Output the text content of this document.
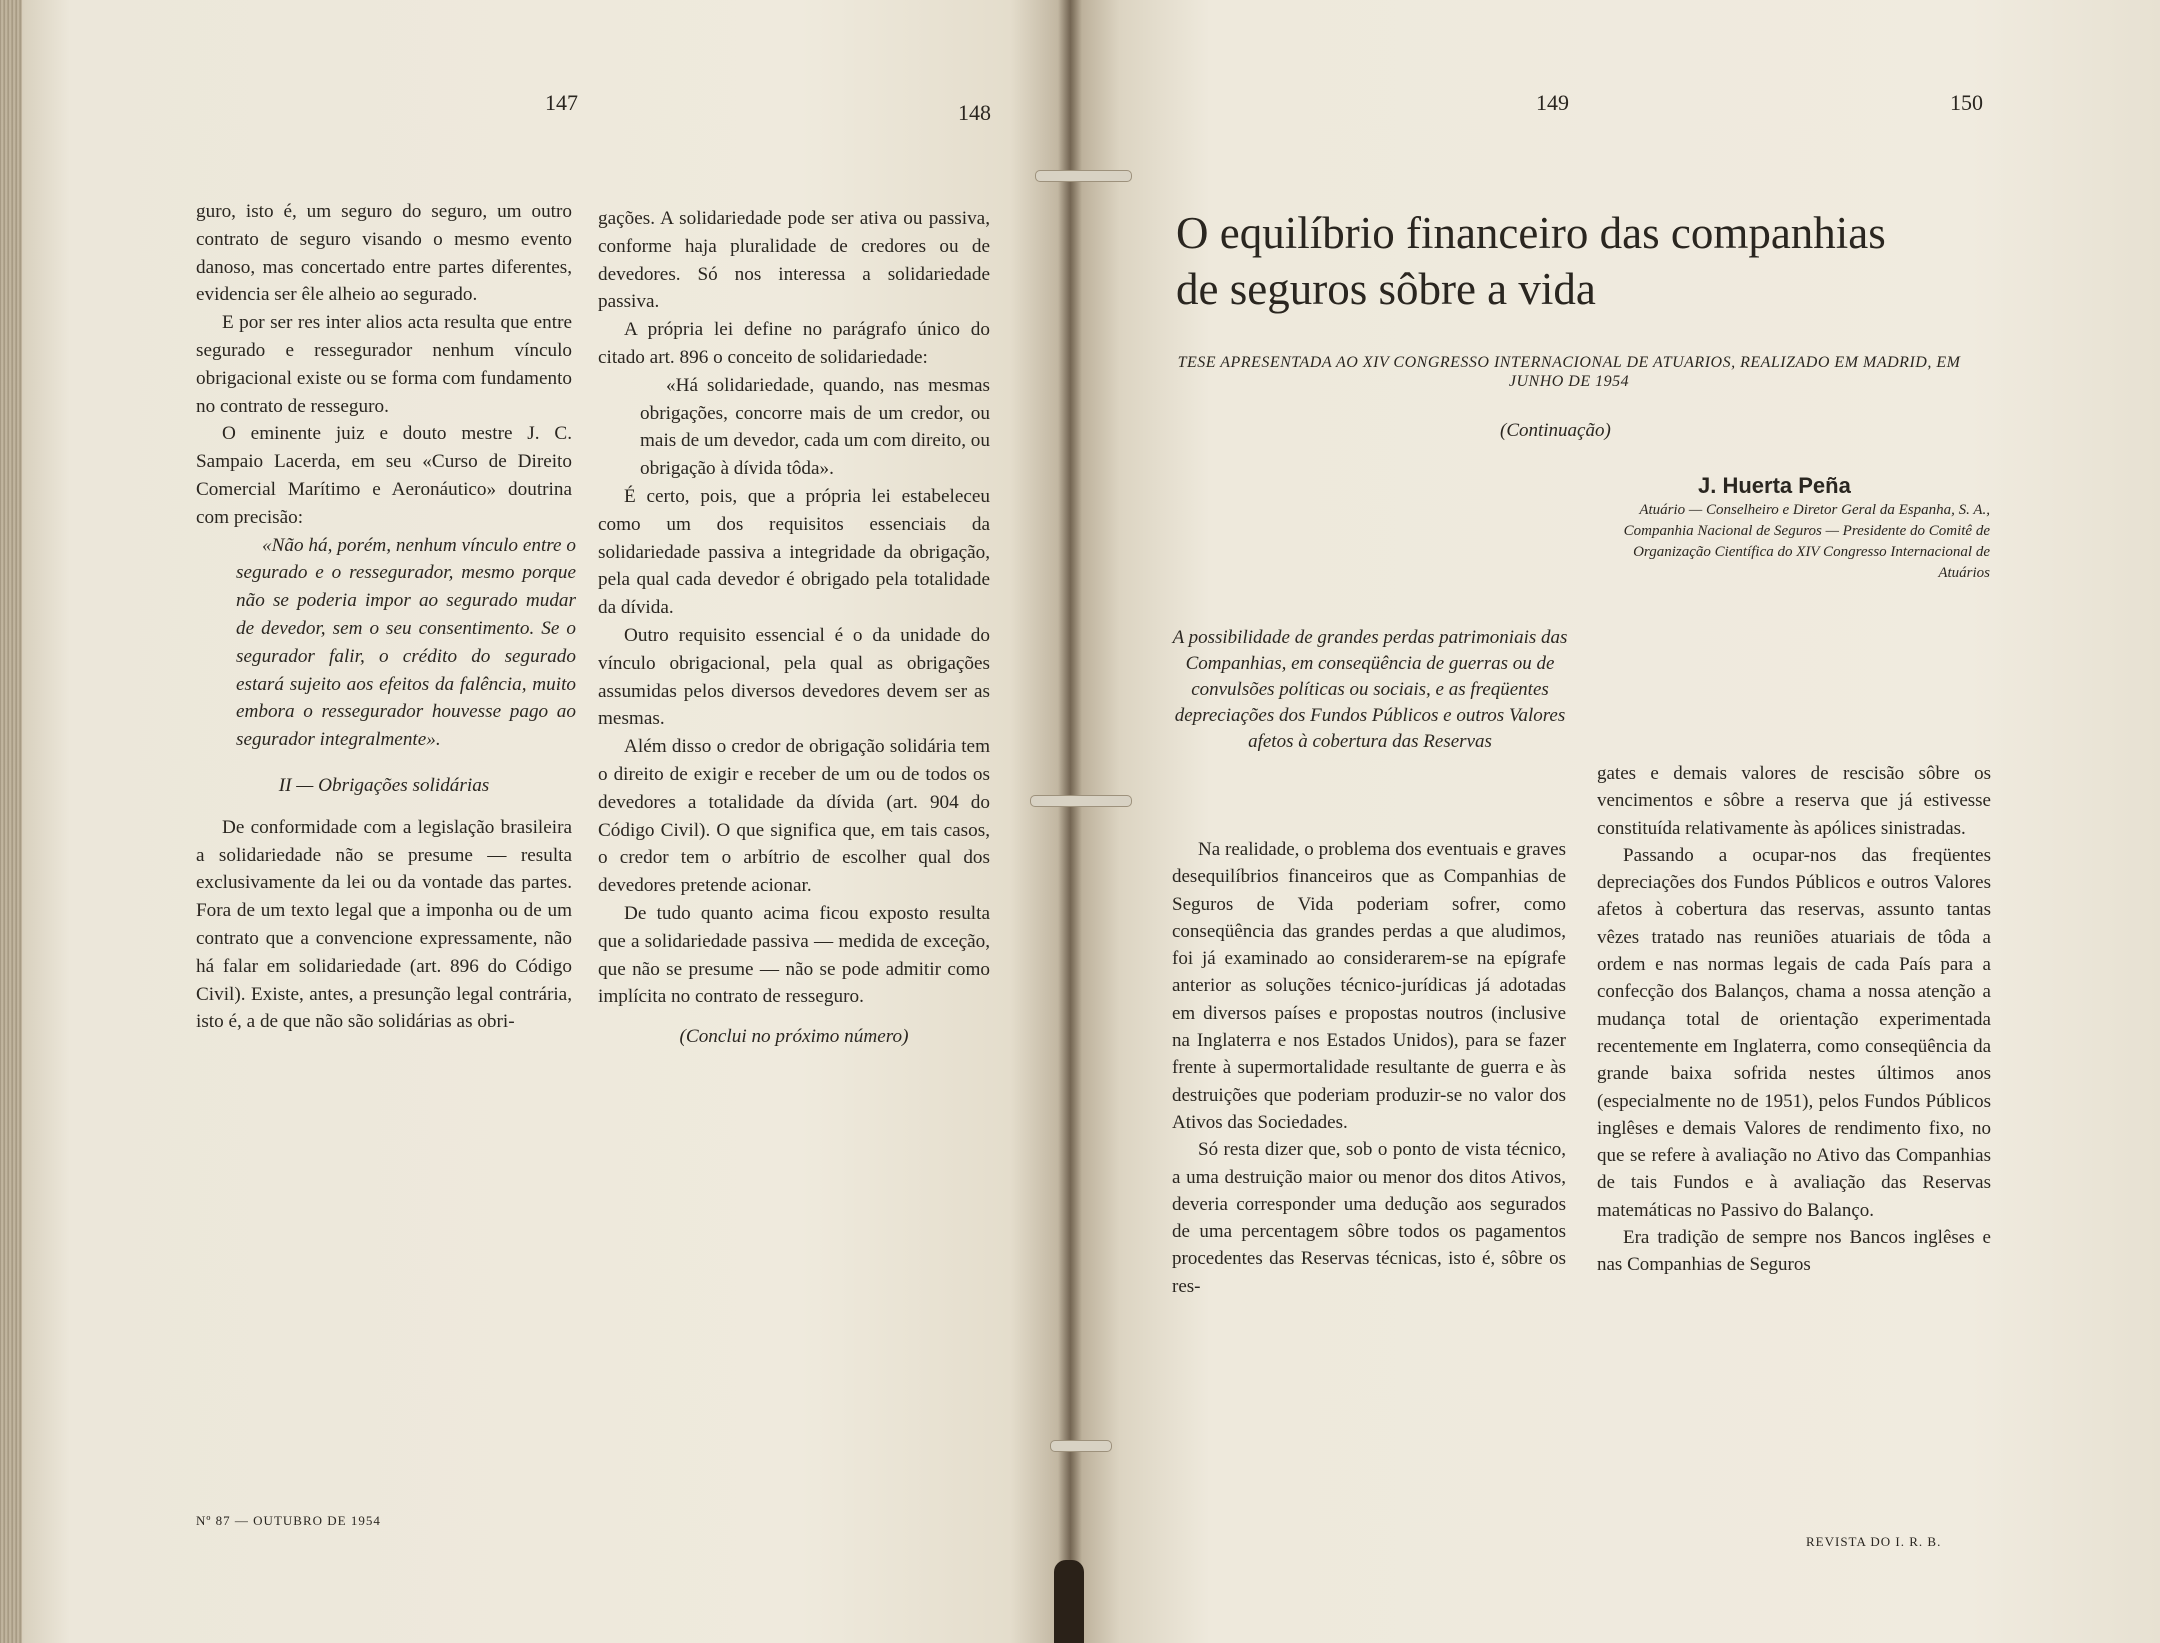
147	148	149	150

guro, isto é, um seguro do seguro, um outro contrato de seguro visando o mesmo evento danoso, mas concertado entre partes diferentes, evidencia ser êle alheio ao segurado.

E por ser res inter alios acta resulta que entre segurado e ressegurador nenhum vínculo obrigacional existe ou se forma com fundamento no contrato de resseguro.

O eminente juiz e douto mestre J. C. Sampaio Lacerda, em seu «Curso de Direito Comercial Marítimo e Aeronáutico» doutrina com precisão:

«Não há, porém, nenhum vínculo entre o segurado e o ressegurador, mesmo porque não se poderia impor ao segurado mudar de devedor, sem o seu consentimento. Se o segurador falir, o crédito do segurado estará sujeito aos efeitos da falência, muito embora o ressegurador houvesse pago ao segurador integralmente».

II — Obrigações solidárias

De conformidade com a legislação brasileira a solidariedade não se presume — resulta exclusivamente da lei ou da vontade das partes. Fora de um texto legal que a imponha ou de um contrato que a convencione expressamente, não há falar em solidariedade (art. 896 do Código Civil). Existe, antes, a presunção legal contrária, isto é, a de que não são solidárias as obri-

Nº 87 — OUTUBRO DE 1954

gações. A solidariedade pode ser ativa ou passiva, conforme haja pluralidade de credores ou de devedores. Só nos interessa a solidariedade passiva.

A própria lei define no parágrafo único do citado art. 896 o conceito de solidariedade:

«Há solidariedade, quando, nas mesmas obrigações, concorre mais de um credor, ou mais de um devedor, cada um com direito, ou obrigação à dívida tôda».

É certo, pois, que a própria lei estabeleceu como um dos requisitos essenciais da solidariedade passiva a integridade da obrigação, pela qual cada devedor é obrigado pela totalidade da dívida.

Outro requisito essencial é o da unidade do vínculo obrigacional, pela qual as obrigações assumidas pelos diversos devedores devem ser as mesmas.

Além disso o credor de obrigação solidária tem o direito de exigir e receber de um ou de todos os devedores a totalidade da dívida (art. 904 do Código Civil). O que significa que, em tais casos, o credor tem o arbítrio de escolher qual dos devedores pretende acionar.

De tudo quanto acima ficou exposto resulta que a solidariedade passiva — medida de exceção, que não se presume — não se pode admitir como implícita no contrato de resseguro.

(Conclui no próximo número)

O equilíbrio financeiro das companhias de seguros sôbre a vida
TESE APRESENTADA AO XIV CONGRESSO INTERNACIONAL DE ATUARIOS, REALIZADO EM MADRID, EM JUNHO DE 1954
(Continuação)
J. Huerta Peña
Atuário — Conselheiro e Diretor Geral da Espanha, S. A., Companhia Nacional de Seguros — Presidente do Comitê de Organização Científica do XIV Congresso Internacional de Atuários
A possibilidade de grandes perdas patrimoniais das Companhias, em conseqüência de guerras ou de convulsões políticas ou sociais, e as freqüentes depreciações dos Fundos Públicos e outros Valores afetos à cobertura das Reservas

Na realidade, o problema dos eventuais e graves desequilíbrios financeiros que as Companhias de Seguros de Vida poderiam sofrer, como conseqüência das grandes perdas a que aludimos, foi já examinado ao considerarem-se na epígrafe anterior as soluções técnico-jurídicas já adotadas em diversos países e propostas noutros (inclusive na Inglaterra e nos Estados Unidos), para se fazer frente à supermortalidade resultante de guerra e às destruições que poderiam produzir-se no valor dos Ativos das Sociedades.

Só resta dizer que, sob o ponto de vista técnico, a uma destruição maior ou menor dos ditos Ativos, deveria corresponder uma dedução aos segurados de uma percentagem sôbre todos os pagamentos procedentes das Reservas técnicas, isto é, sôbre os res-

gates e demais valores de rescisão sôbre os vencimentos e sôbre a reserva que já estivesse constituída relativamente às apólices sinistradas.

Passando a ocupar-nos das freqüentes depreciações dos Fundos Públicos e outros Valores afetos à cobertura das reservas, assunto tantas vêzes tratado nas reuniões atuariais de tôda a ordem e nas normas legais de cada País para a confecção dos Balanços, chama a nossa atenção a mudança total de orientação experimentada recentemente em Inglaterra, como conseqüência da grande baixa sofrida nestes últimos anos (especialmente no de 1951), pelos Fundos Públicos inglêses e demais Valores de rendimento fixo, no que se refere à avaliação no Ativo das Companhias de tais Fundos e à avaliação das Reservas matemáticas no Passivo do Balanço.

Era tradição de sempre nos Bancos inglêses e nas Companhias de Seguros

REVISTA DO I. R. B.
